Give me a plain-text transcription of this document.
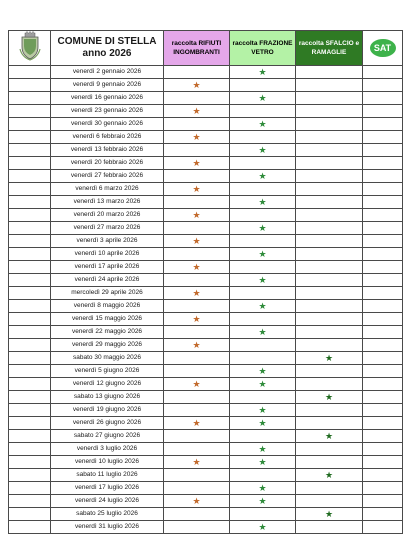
COMUNE DI STELLA
anno 2026	raccolta RIFIUTI INGOMBRANTI	raccolta FRAZIONE VETRO	raccolta SFALCIO e RAMAGLIE	SAT

	venerdì 2 gennaio 2026		★		
	venerdì 9 gennaio 2026	★			
	venerdì 16 gennaio 2026		★		
	venerdì 23 gennaio 2026	★			
	venerdì 30 gennaio 2026		★		
	venerdì 6 febbraio 2026	★			
	venerdì 13 febbraio 2026		★		
	venerdì 20 febbraio 2026	★			
	venerdì 27 febbraio 2026		★		
	venerdì 6 marzo 2026	★			
	venerdì 13 marzo 2026		★		
	venerdì 20 marzo 2026	★			
	venerdì 27 marzo 2026		★		
	venerdì 3 aprile 2026	★			
	venerdì 10 aprile 2026		★		
	venerdì 17 aprile 2026	★			
	venerdì 24 aprile 2026		★		
	mercoledì 29 aprile 2026	★			
	venerdì 8 maggio 2026		★		
	venerdì 15 maggio 2026	★			
	venerdì 22 maggio 2026		★		
	venerdì 29 maggio 2026	★			
	sabato 30 maggio 2026			★	
	venerdì 5 giugno 2026		★		
	venerdì 12 giugno 2026	★	★		
	sabato 13 giugno 2026			★	
	venerdì 19 giugno 2026		★		
	venerdì 26 giugno 2026	★	★		
	sabato 27 giugno 2026			★	
	venerdì 3 luglio 2026		★		
	venerdì 10 luglio 2026	★	★		
	sabato 11 luglio 2026			★	
	venerdì 17 luglio 2026		★		
	venerdì 24 luglio 2026	★	★		
	sabato 25 luglio 2026			★	
	venerdì 31 luglio 2026		★		
